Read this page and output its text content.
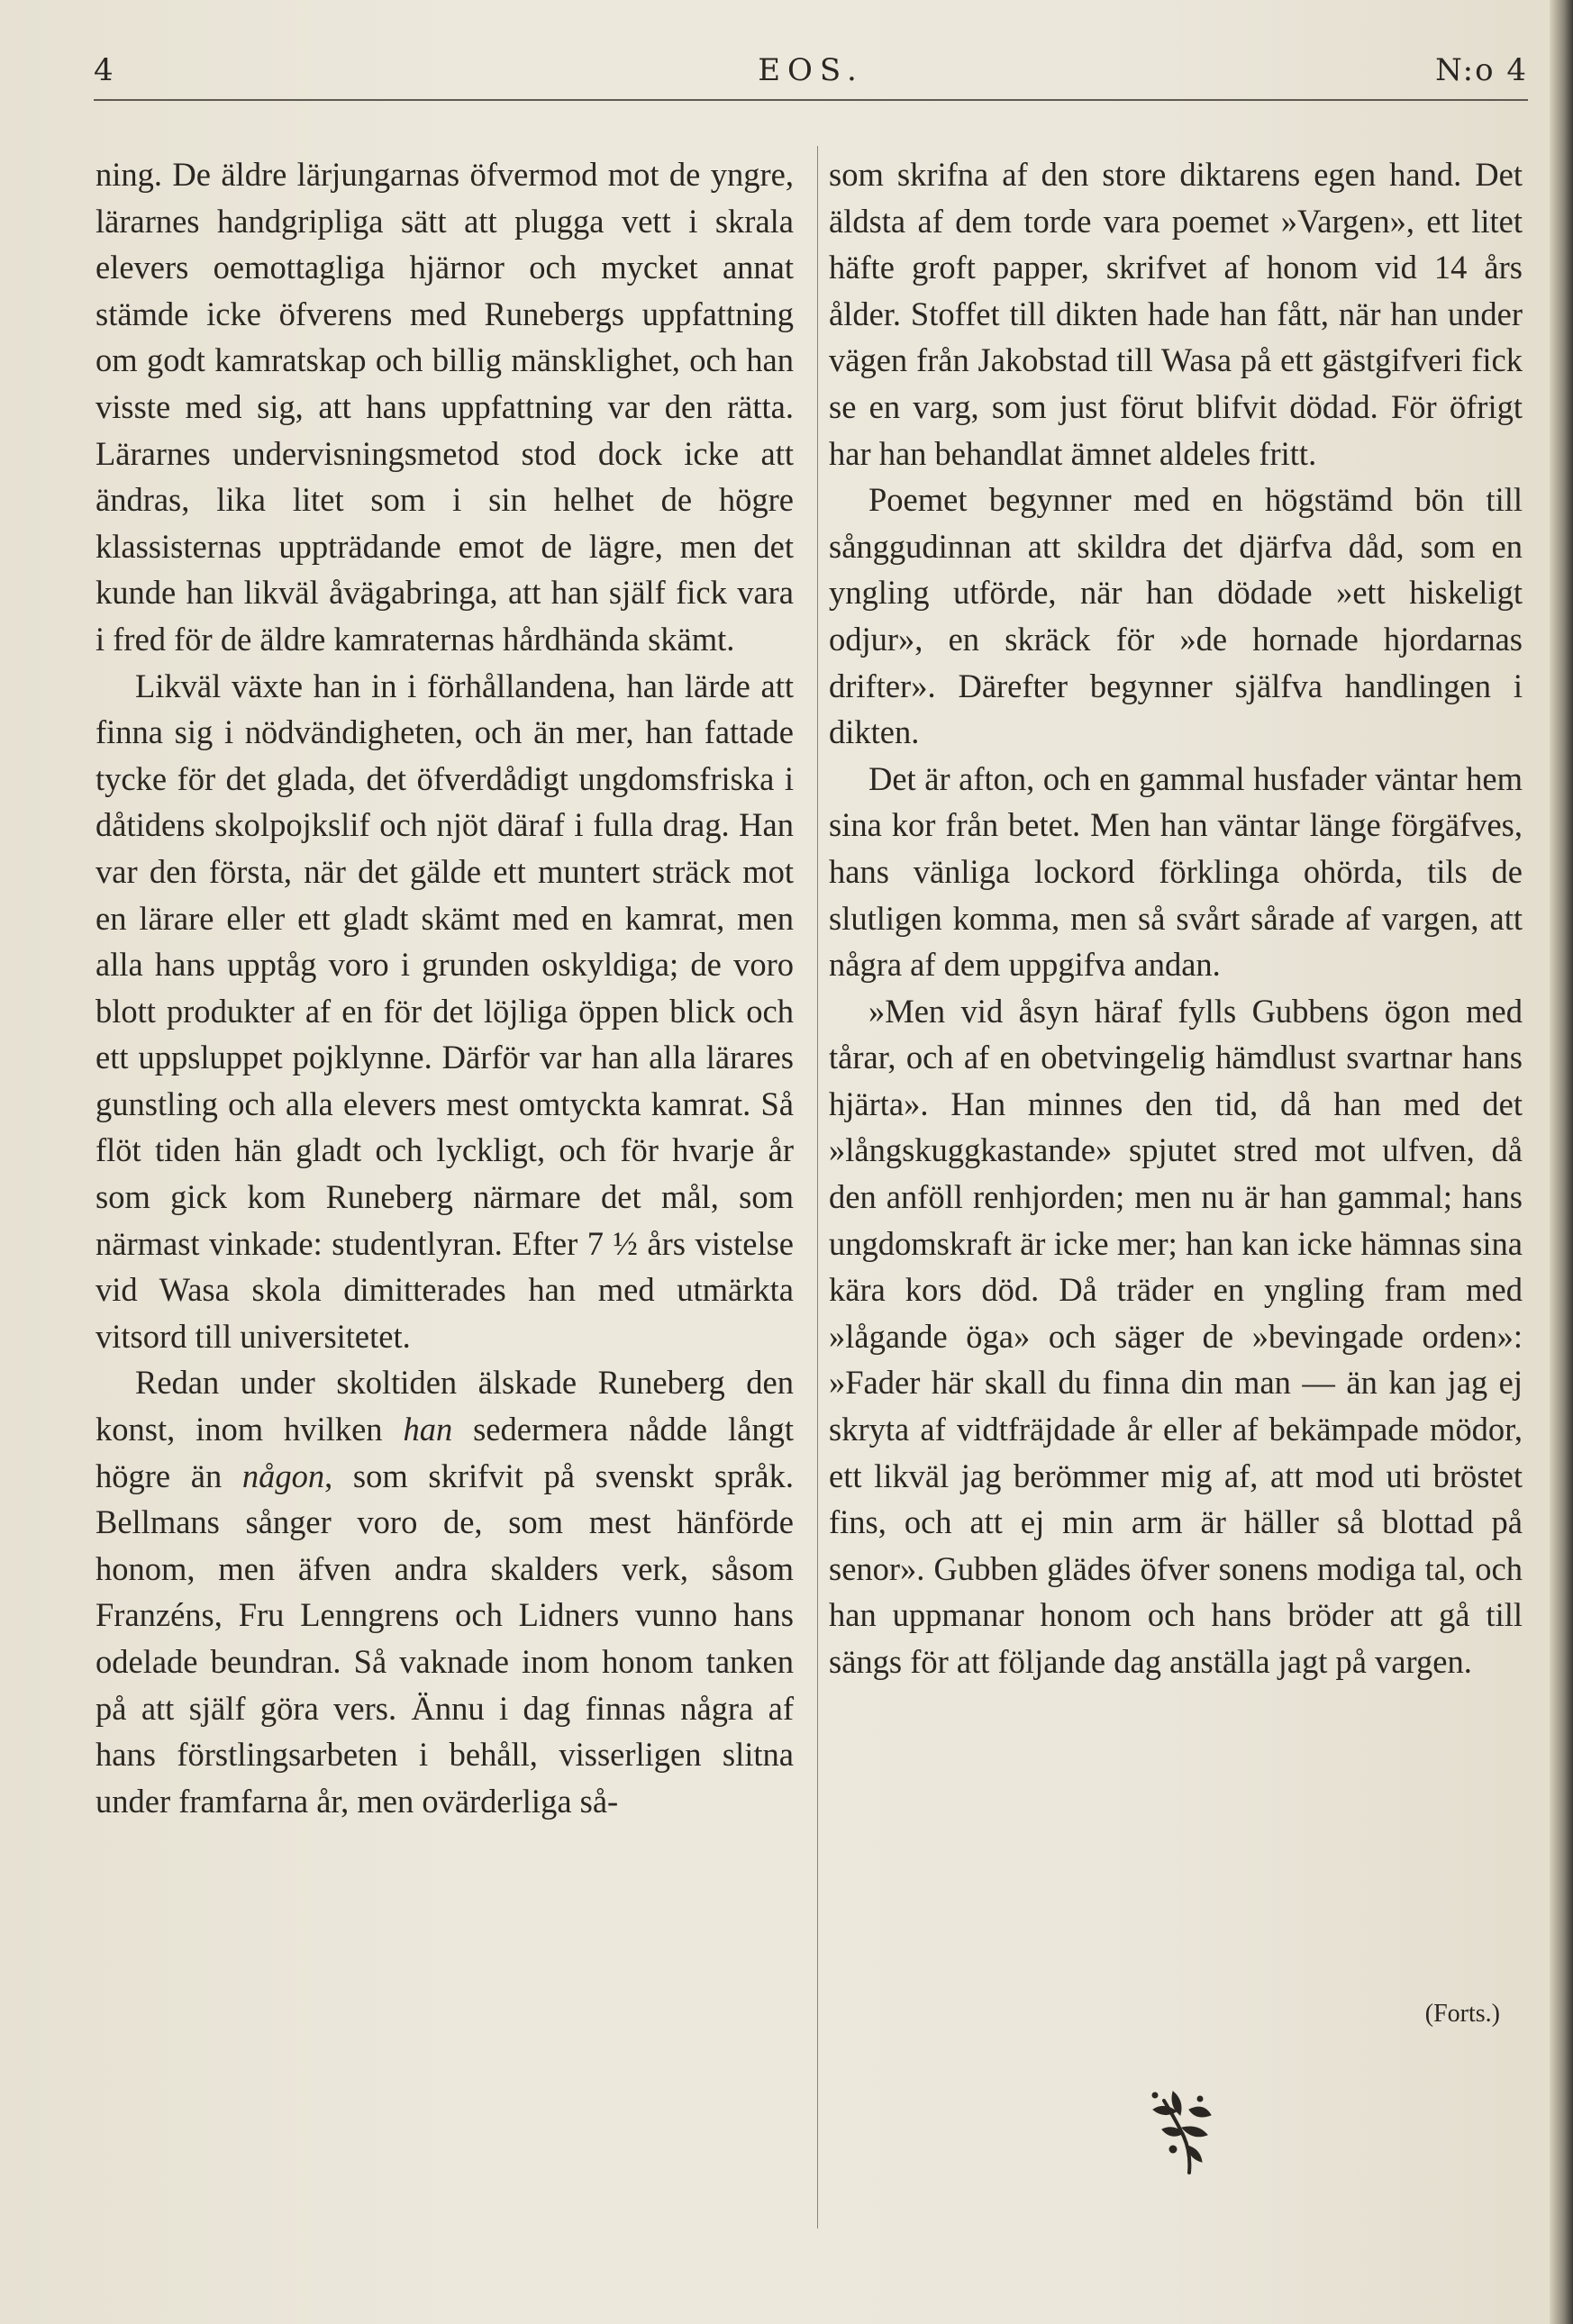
4	EOS.	N:o 4

ning. De äldre lärjungarnas öfvermod mot de yngre, lärarnes handgripliga sätt att plugga vett i skrala elevers oemottagliga hjärnor och mycket annat stämde icke öfverens med Runebergs uppfattning om godt kamratskap och billig mänsklighet, och han visste med sig, att hans uppfattning var den rätta. Lärarnes undervisningsmetod stod dock icke att ändras, lika litet som i sin helhet de högre klassisternas uppträdande emot de lägre, men det kunde han likväl åvägabringa, att han själf fick vara i fred för de äldre kamraternas hårdhända skämt.

Likväl växte han in i förhållandena, han lärde att finna sig i nödvändigheten, och än mer, han fattade tycke för det glada, det öfverdådigt ungdomsfriska i dåtidens skolpojkslif och njöt däraf i fulla drag. Han var den första, när det gälde ett muntert sträck mot en lärare eller ett gladt skämt med en kamrat, men alla hans upptåg voro i grunden oskyldiga; de voro blott produkter af en för det löjliga öppen blick och ett uppsluppet pojklynne. Därför var han alla lärares gunstling och alla elevers mest omtyckta kamrat. Så flöt tiden hän gladt och lyckligt, och för hvarje år som gick kom Runeberg närmare det mål, som närmast vinkade: studentlyran. Efter 7 ½ års vistelse vid Wasa skola dimitterades han med utmärkta vitsord till universitetet.

Redan under skoltiden älskade Runeberg den konst, inom hvilken han sedermera nådde långt högre än någon, som skrifvit på svenskt språk. Bellmans sånger voro de, som mest hänförde honom, men äfven andra skalders verk, såsom Franzéns, Fru Lenngrens och Lidners vunno hans odelade beundran. Så vaknade inom honom tanken på att själf göra vers. Ännu i dag finnas några af hans förstlingsarbeten i behåll, visserligen slitna under framfarna år, men ovärderliga så-

som skrifna af den store diktarens egen hand. Det äldsta af dem torde vara poemet »Vargen», ett litet häfte groft papper, skrifvet af honom vid 14 års ålder. Stoffet till dikten hade han fått, när han under vägen från Jakobstad till Wasa på ett gästgifveri fick se en varg, som just förut blifvit dödad. För öfrigt har han behandlat ämnet aldeles fritt.

Poemet begynner med en högstämd bön till sånggudinnan att skildra det djärfva dåd, som en yngling utförde, när han dödade »ett hiskeligt odjur», en skräck för »de hornade hjordarnas drifter». Därefter begynner själfva handlingen i dikten.

Det är afton, och en gammal husfader väntar hem sina kor från betet. Men han väntar länge förgäfves, hans vänliga lockord förklinga ohörda, tils de slutligen komma, men så svårt sårade af vargen, att några af dem uppgifva andan.

»Men vid åsyn häraf fylls Gubbens ögon med tårar, och af en obetvingelig hämdlust svartnar hans hjärta». Han minnes den tid, då han med det »långskuggkastande» spjutet stred mot ulfven, då den anföll renhjorden; men nu är han gammal; hans ungdomskraft är icke mer; han kan icke hämnas sina kära kors död. Då träder en yngling fram med »lågande öga» och säger de »bevingade orden»: »Fader här skall du finna din man — än kan jag ej skryta af vidtfräjdade år eller af bekämpade mödor, ett likväl jag berömmer mig af, att mod uti bröstet fins, och att ej min arm är häller så blottad på senor». Gubben glädes öfver sonens modiga tal, och han uppmanar honom och hans bröder att gå till sängs för att följande dag anställa jagt på vargen.

(Forts.)
